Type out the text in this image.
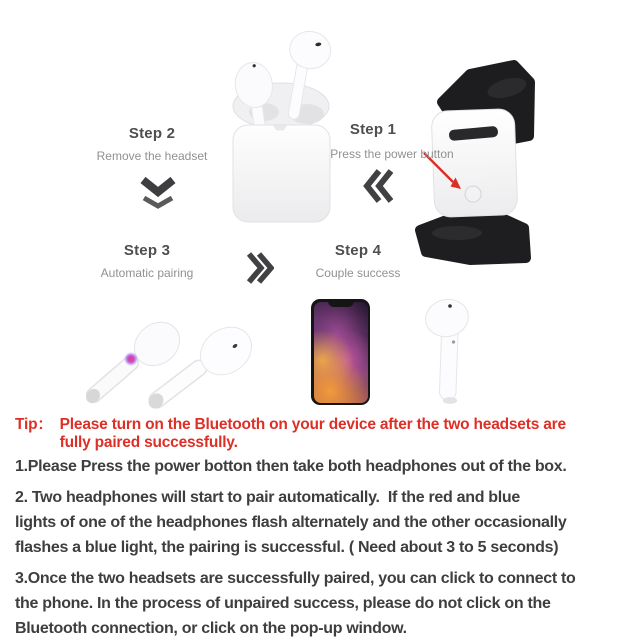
Step 2
Remove the headset
Step 1
Press the power button
Step 3
Automatic pairing
Step 4
Couple success
Tip： Please turn on the Bluetooth on your device after the two headsets are
fully paired successfully.
1.Please Press the power botton then take both headphones out of the box.
2. Two headphones will start to pair automatically.  If the red and blue
lights of one of the headphones flash alternately and the other occasionally
flashes a blue light, the pairing is successful. ( Need about 3 to 5 seconds)
3.Once the two headsets are successfully paired, you can click to connect to
the phone. In the process of unpaired success, please do not click on the
Bluetooth connection, or click on the pop-up window.
